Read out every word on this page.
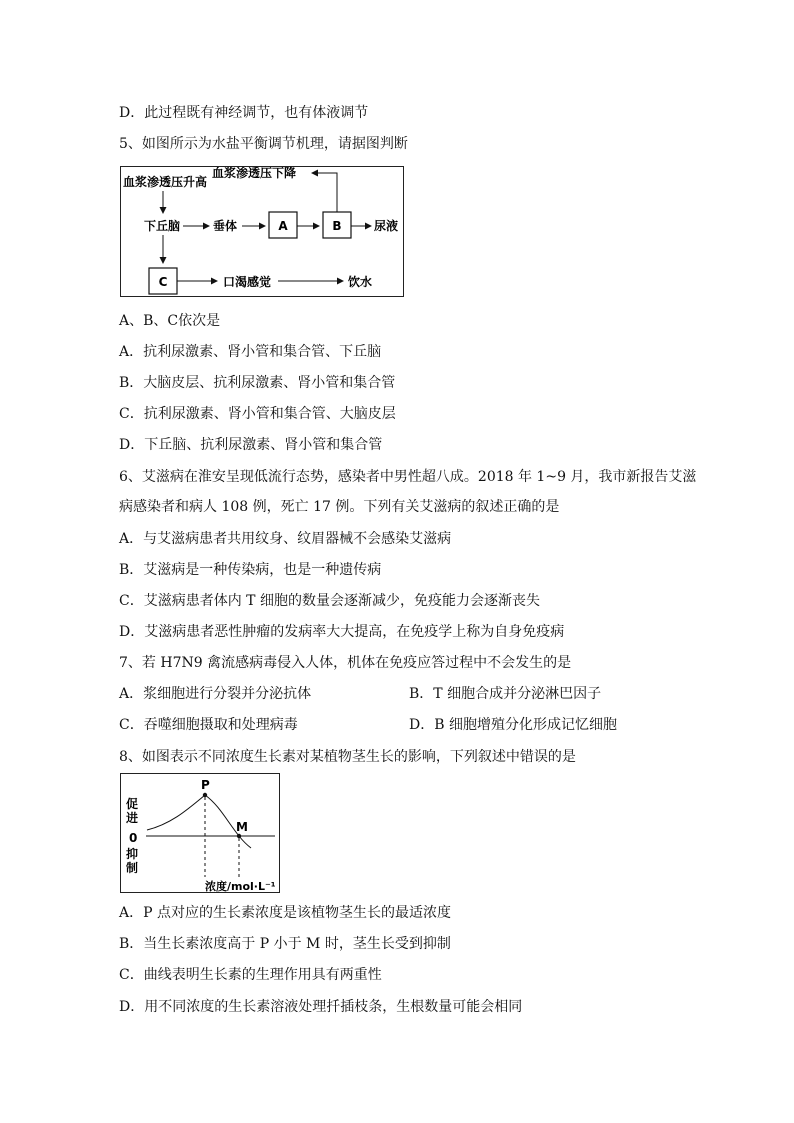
D．此过程既有神经调节，也有体液调节
5、如图所示为水盐平衡调节机理，请据图判断
血浆渗透压升高
血浆渗透压下降
下丘脑	垂体	A	B	尿液
C	口渴感觉	饮水
A、B、C依次是
A．抗利尿激素、肾小管和集合管、下丘脑
B．大脑皮层、抗利尿激素、肾小管和集合管
C．抗利尿激素、肾小管和集合管、大脑皮层
D．下丘脑、抗利尿激素、肾小管和集合管
6、艾滋病在淮安呈现低流行态势，感染者中男性超八成。2018 年 1~9 月，我市新报告艾滋
病感染者和病人 108 例，死亡 17 例。下列有关艾滋病的叙述正确的是
A．与艾滋病患者共用纹身、纹眉器械不会感染艾滋病
B．艾滋病是一种传染病，也是一种遗传病
C．艾滋病患者体内 T 细胞的数量会逐渐减少，免疫能力会逐渐丧失
D．艾滋病患者恶性肿瘤的发病率大大提高，在免疫学上称为自身免疫病
7、若 H7N9 禽流感病毒侵入人体，机体在免疫应答过程中不会发生的是
A．浆细胞进行分裂并分泌抗体	B．T 细胞合成并分泌淋巴因子
C．吞噬细胞摄取和处理病毒	D．B 细胞增殖分化形成记忆细胞
8、如图表示不同浓度生长素对某植物茎生长的影响，下列叙述中错误的是
促
进
0
抑
制
P
M
浓度/mol·L⁻¹
A．P 点对应的生长素浓度是该植物茎生长的最适浓度
B．当生长素浓度高于 P 小于 M 时，茎生长受到抑制
C．曲线表明生长素的生理作用具有两重性
D．用不同浓度的生长素溶液处理扦插枝条，生根数量可能会相同
